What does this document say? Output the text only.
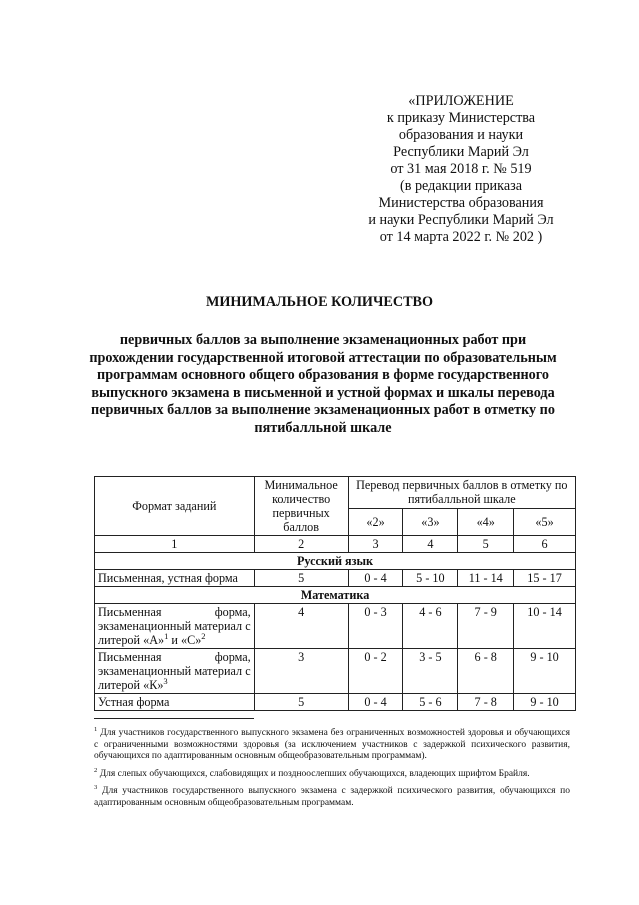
«ПРИЛОЖЕНИЕ
к приказу Министерства
образования и науки
Республики Марий Эл
от 31 мая 2018 г. № 519
(в редакции приказа
Министерства образования
и науки Республики Марий Эл
от 14 марта 2022 г. № 202 )
МИНИМАЛЬНОЕ КОЛИЧЕСТВО
первичных баллов за выполнение экзаменационных работ при прохождении государственной итоговой аттестации по образовательным программам основного общего образования в форме государственного выпускного экзамена в письменной и устной формах и шкалы перевода первичных баллов за выполнение экзаменационных работ в отметку по пятибалльной шкале
Формат заданий	Минимальное количество первичных баллов	Перевод первичных баллов в отметку по пятибалльной шкале			
		«2»	«3»	«4»	«5»
1	2	3	4	5	6
Русский язык					
Письменная, устная форма	5	0 - 4	5 - 10	11 - 14	15 - 17
Математика					
Письменная форма, экзаменационный материал с литерой «А»$^1$ и «С»$^2$	4	0 - 3	4 - 6	7 - 9	10 - 14
Письменная форма, экзаменационный материал с литерой «К»$^3$	3	0 - 2	3 - 5	6 - 8	9 - 10
Устная форма	5	0 - 4	5 - 6	7 - 8	9 - 10

$^1$ Для участников государственного выпускного экзамена без ограниченных возможностей здоровья и обучающихся с ограниченными возможностями здоровья (за исключением участников с задержкой психического развития, обучающихся по адаптированным основным общеобразовательным программам).

$^2$ Для слепых обучающихся, слабовидящих и поздноослепших обучающихся, владеющих шрифтом Брайля.

$^3$ Для участников государственного выпускного экзамена с задержкой психического развития, обучающихся по адаптированным основным общеобразовательным программам.
